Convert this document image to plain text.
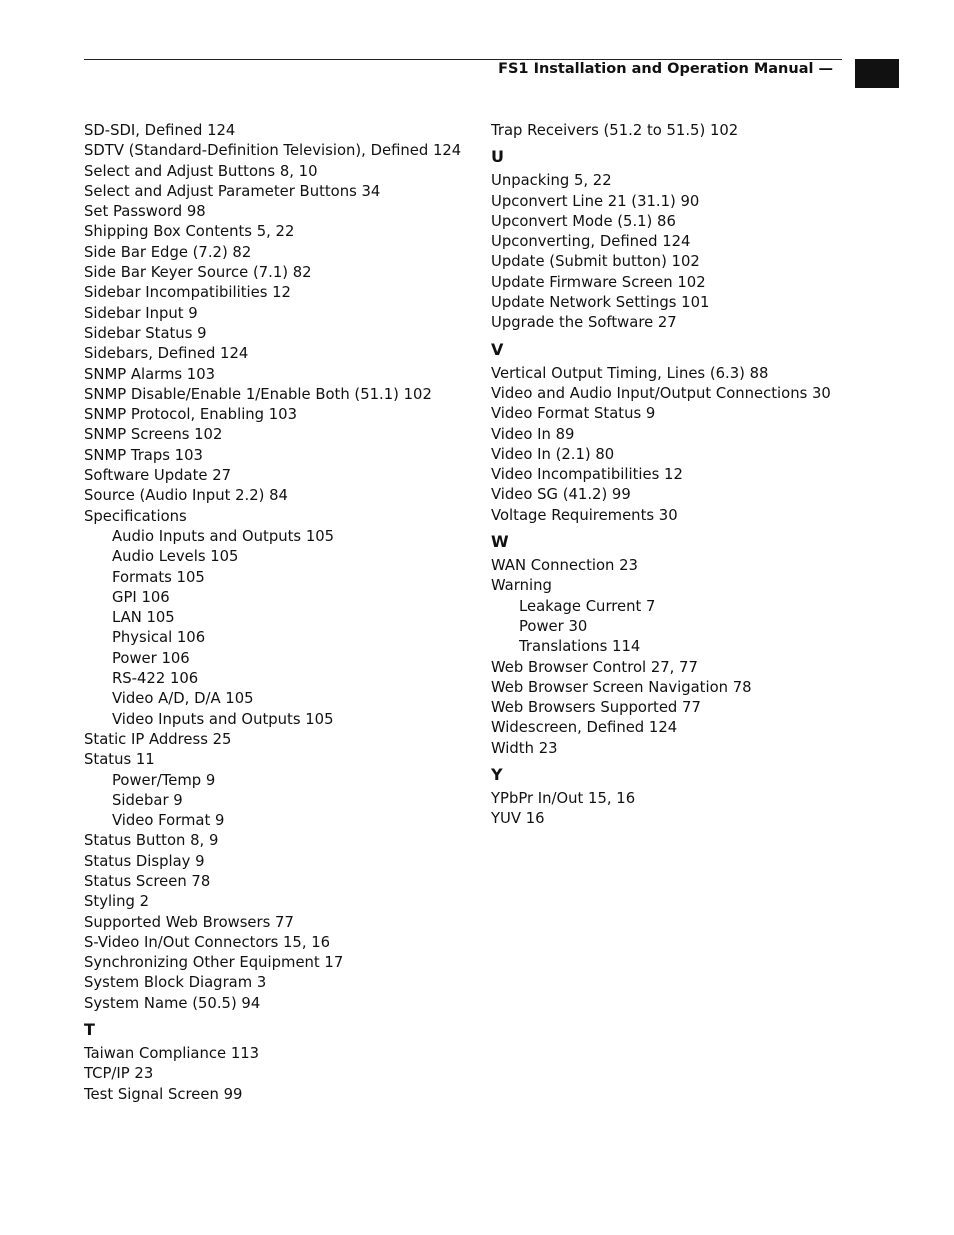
FS1 Installation and Operation Manual —
SD-SDI, Defined 124
SDTV (Standard-Definition Television), Defined 124
Select and Adjust Buttons 8, 10
Select and Adjust Parameter Buttons 34
Set Password 98
Shipping Box Contents 5, 22
Side Bar Edge (7.2) 82
Side Bar Keyer Source (7.1) 82
Sidebar Incompatibilities 12
Sidebar Input 9
Sidebar Status 9
Sidebars, Defined 124
SNMP Alarms 103
SNMP Disable/Enable 1/Enable Both (51.1) 102
SNMP Protocol, Enabling 103
SNMP Screens 102
SNMP Traps 103
Software Update 27
Source (Audio Input 2.2) 84
Specifications
Audio Inputs and Outputs 105
Audio Levels 105
Formats 105
GPI 106
LAN 105
Physical 106
Power 106
RS-422 106
Video A/D, D/A 105
Video Inputs and Outputs 105
Static IP Address 25
Status 11
Power/Temp 9
Sidebar 9
Video Format 9
Status Button 8, 9
Status Display 9
Status Screen 78
Styling 2
Supported Web Browsers 77
S-Video In/Out Connectors 15, 16
Synchronizing Other Equipment 17
System Block Diagram 3
System Name (50.5) 94
T
Taiwan Compliance 113
TCP/IP 23
Test Signal Screen 99
Trap Receivers (51.2 to 51.5) 102
U
Unpacking 5, 22
Upconvert Line 21 (31.1) 90
Upconvert Mode (5.1) 86
Upconverting, Defined 124
Update (Submit button) 102
Update Firmware Screen 102
Update Network Settings 101
Upgrade the Software 27
V
Vertical Output Timing, Lines (6.3) 88
Video and Audio Input/Output Connections 30
Video Format Status 9
Video In 89
Video In (2.1) 80
Video Incompatibilities 12
Video SG (41.2) 99
Voltage Requirements 30
W
WAN Connection 23
Warning
Leakage Current 7
Power 30
Translations 114
Web Browser Control 27, 77
Web Browser Screen Navigation 78
Web Browsers Supported 77
Widescreen, Defined 124
Width 23
Y
YPbPr In/Out 15, 16
YUV 16
